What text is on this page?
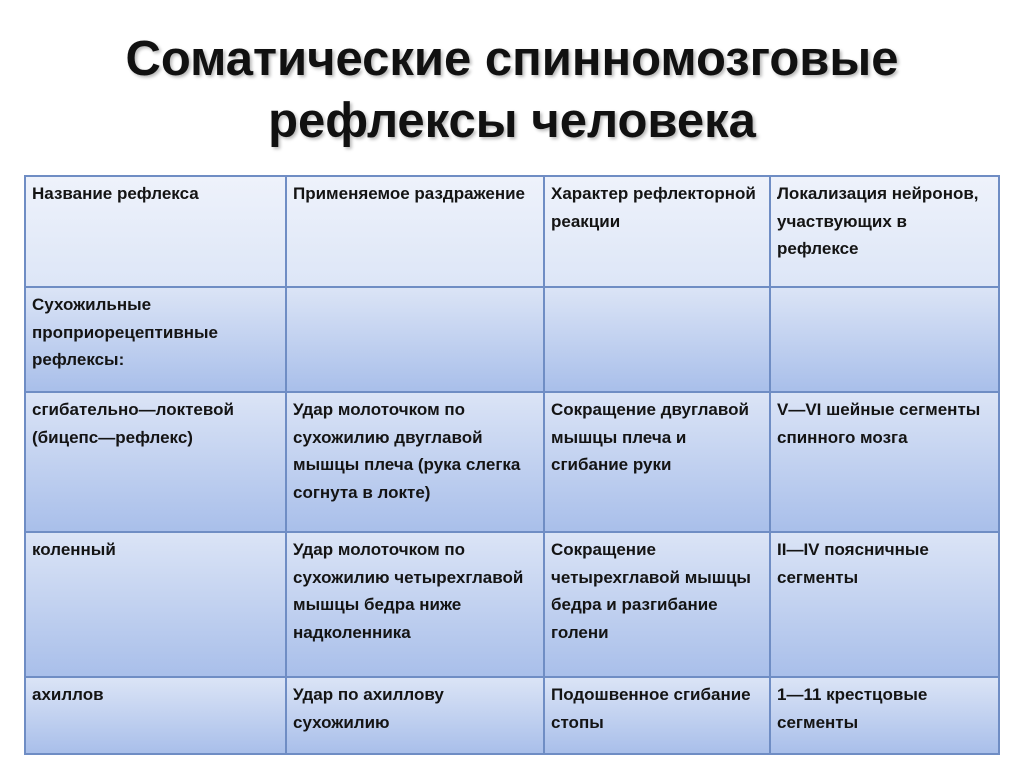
Соматические спинномозговые
рефлексы человека
Название рефлекса	Применяемое раздражение	Характер рефлекторной реакции	Локализация нейронов, участвующих в рефлексе
Сухожильные проприорецептивные рефлексы:			
сгибательно—локтевой (бицепс—рефлекс)	Удар молоточком по сухожилию двуглавой мышцы плеча (рука слегка согнута в локте)	Сокращение двуглавой мышцы плеча и сгибание руки	V—VI шейные сегменты спинного мозга
коленный	Удар молоточком по сухожилию четырехглавой мышцы бедра ниже надколенника	Сокращение четырехглавой мышцы бедра и разгибание голени	II—IV поясничные сегменты
ахиллов	Удар по ахиллову сухожилию	Подошвенное сгибание стопы	1—11 крестцовые сегменты
